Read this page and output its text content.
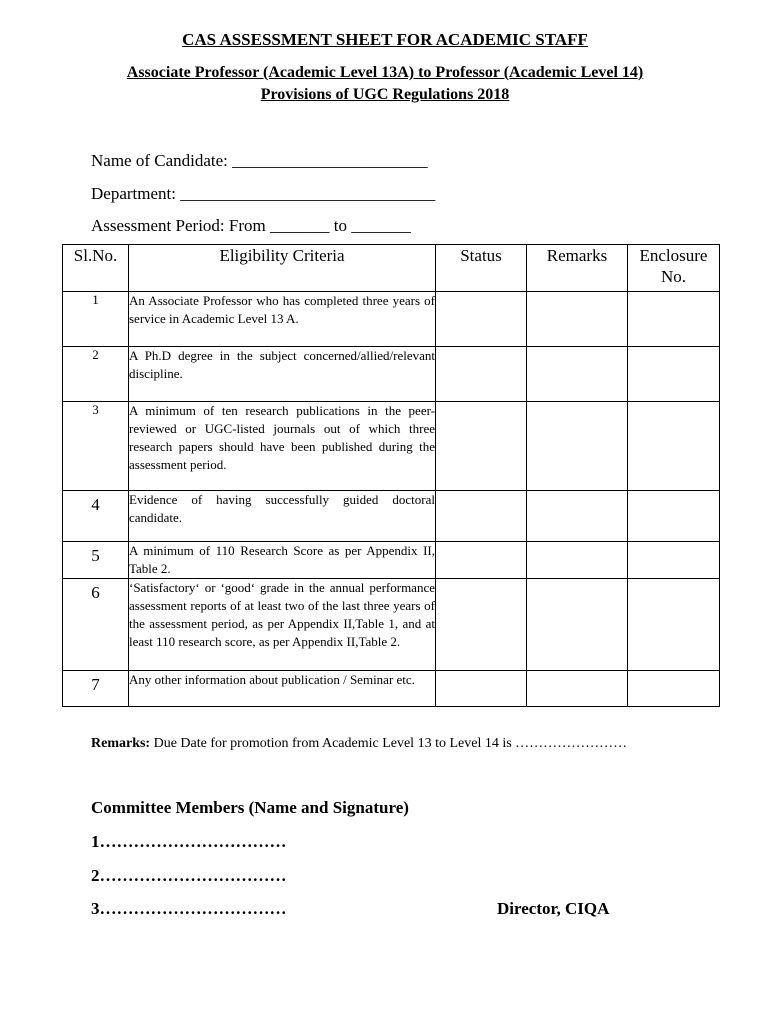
CAS ASSESSMENT SHEET FOR ACADEMIC STAFF
Associate Professor (Academic Level 13A) to Professor (Academic Level 14)
Provisions of UGC Regulations 2018
Name of Candidate: _______________________
Department: ______________________________
Assessment Period: From _______ to _______
Sl.No.	Eligibility Criteria	Status	Remarks	Enclosure No.
1	An Associate Professor who has completed three years of service in Academic Level 13 A.			
2	A Ph.D degree in the subject concerned/allied/relevant discipline.			
3	A minimum of ten research publications in the peer- reviewed or UGC-listed journals out of which three research papers should have been published during the assessment period.			
4	Evidence of having successfully guided doctoral candidate.			
5	A minimum of 110 Research Score as per Appendix II, Table 2.			
6	‘Satisfactory‘ or ‘good‘ grade in the annual performance assessment reports of at least two of the last three years of the assessment period, as per Appendix II,Table 1, and at least 110 research score, as per Appendix II,Table 2.			
7	Any other information about publication / Seminar etc.			
Remarks: Due Date for promotion from Academic Level 13 to Level 14 is ……………………
Committee Members (Name and Signature)
1……………………………
2……………………………
3……………………………	Director, CIQA
